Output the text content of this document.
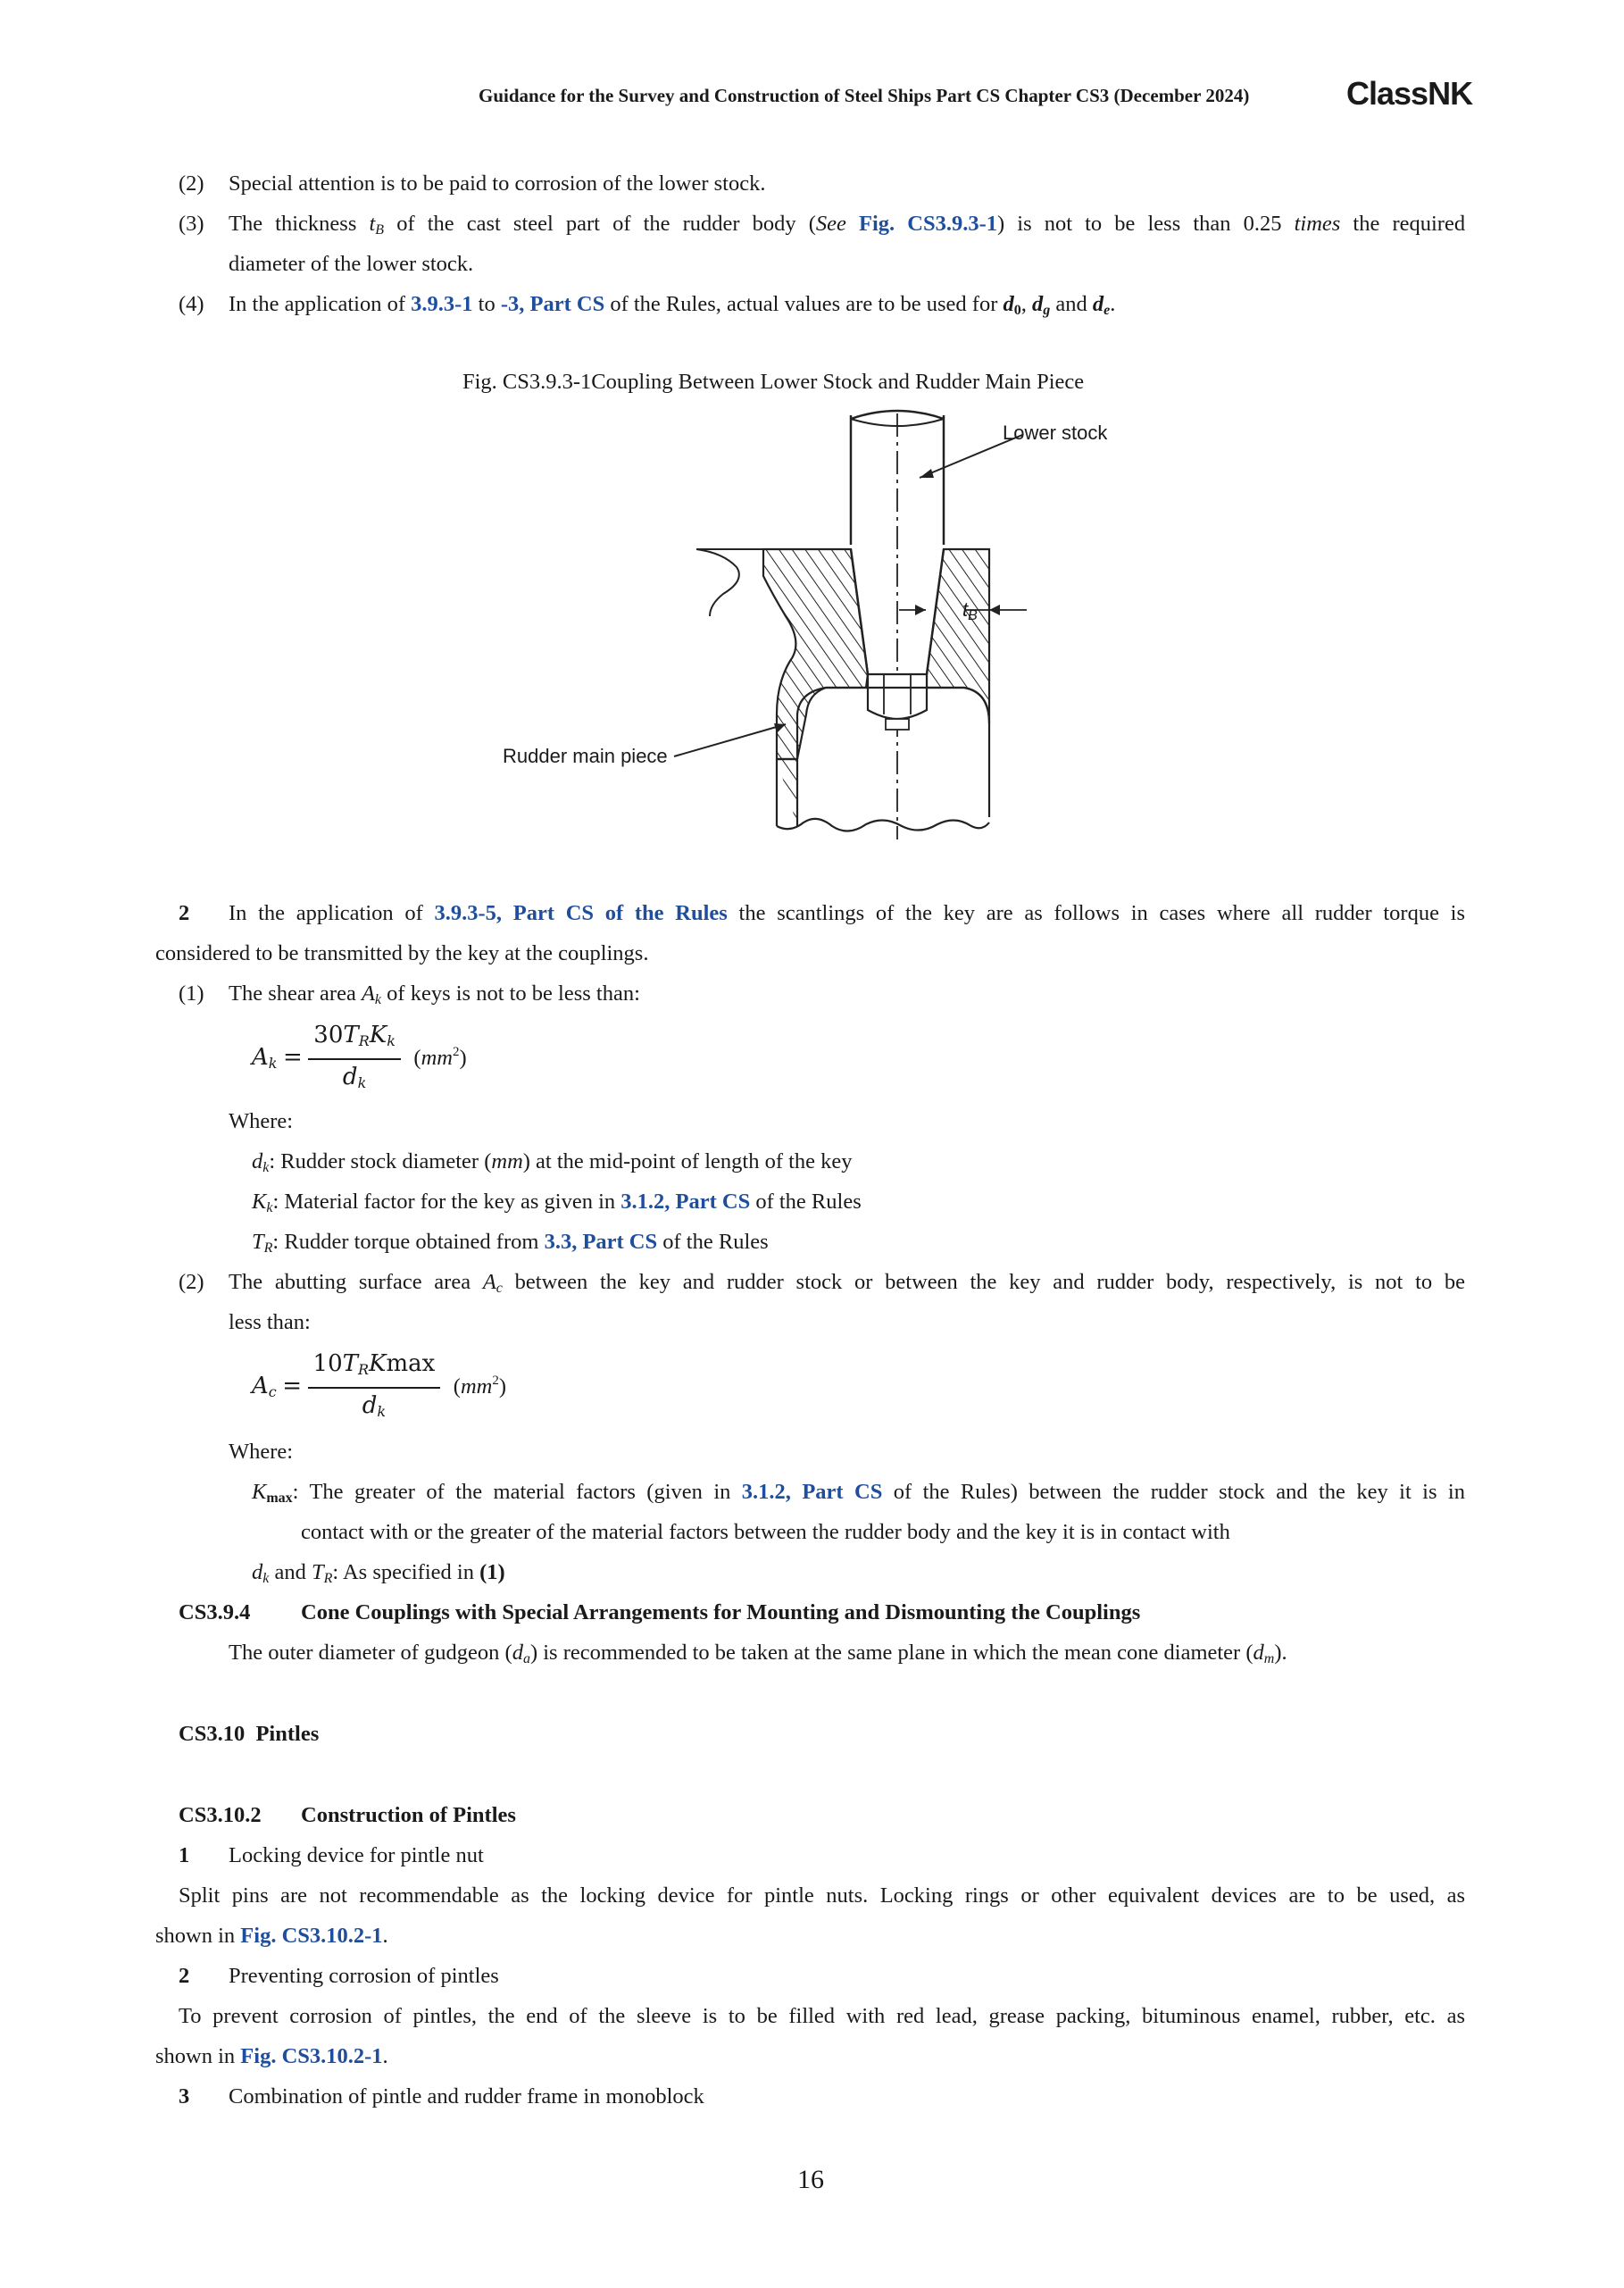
Guidance for the Survey and Construction of Steel Ships Part CS Chapter CS3 (December 2024)	ClassNK
(2) Special attention is to be paid to corrosion of the lower stock.
(3) The thickness $t_B$ of the cast steel part of the rudder body (See Fig. CS3.9.3-1) is not to be less than 0.25 times the required
diameter of the lower stock.
(4) In the application of 3.9.3-1 to -3, Part CS of the Rules, actual values are to be used for $d_0$, $d_g$ and $d_e$.
Fig. CS3.9.3-1Coupling Between Lower Stock and Rudder Main Piece
Lower stock
$t_B$
Rudder main piece
2 In the application of 3.9.3-5, Part CS of the Rules the scantlings of the key are as follows in cases where all rudder torque is
considered to be transmitted by the key at the couplings.
(1) The shear area $A_k$ of keys is not to be less than:
$A_k = \frac{30T_RK_k}{d_k} (mm^2)$
Where:
$d_k$: Rudder stock diameter (mm) at the mid-point of length of the key
$K_k$: Material factor for the key as given in 3.1.2, Part CS of the Rules
$T_R$: Rudder torque obtained from 3.3, Part CS of the Rules
(2) The abutting surface area $A_c$ between the key and rudder stock or between the key and rudder body, respectively, is not to be
less than:
$A_c = \frac{10T_RKmax}{d_k} (mm^2)$
Where:
$K_{max}$: The greater of the material factors (given in 3.1.2, Part CS of the Rules) between the rudder stock and the key it is in
contact with or the greater of the material factors between the rudder body and the key it is in contact with
$d_k$ and $T_R$: As specified in (1)
CS3.9.4 Cone Couplings with Special Arrangements for Mounting and Dismounting the Couplings
The outer diameter of gudgeon $(d_a)$ is recommended to be taken at the same plane in which the mean cone diameter $(d_m)$.
CS3.10 Pintles
CS3.10.2 Construction of Pintles
1 Locking device for pintle nut
Split pins are not recommendable as the locking device for pintle nuts. Locking rings or other equivalent devices are to be used, as
shown in Fig. CS3.10.2-1.
2 Preventing corrosion of pintles
To prevent corrosion of pintles, the end of the sleeve is to be filled with red lead, grease packing, bituminous enamel, rubber, etc. as
shown in Fig. CS3.10.2-1.
3 Combination of pintle and rudder frame in monoblock
16
